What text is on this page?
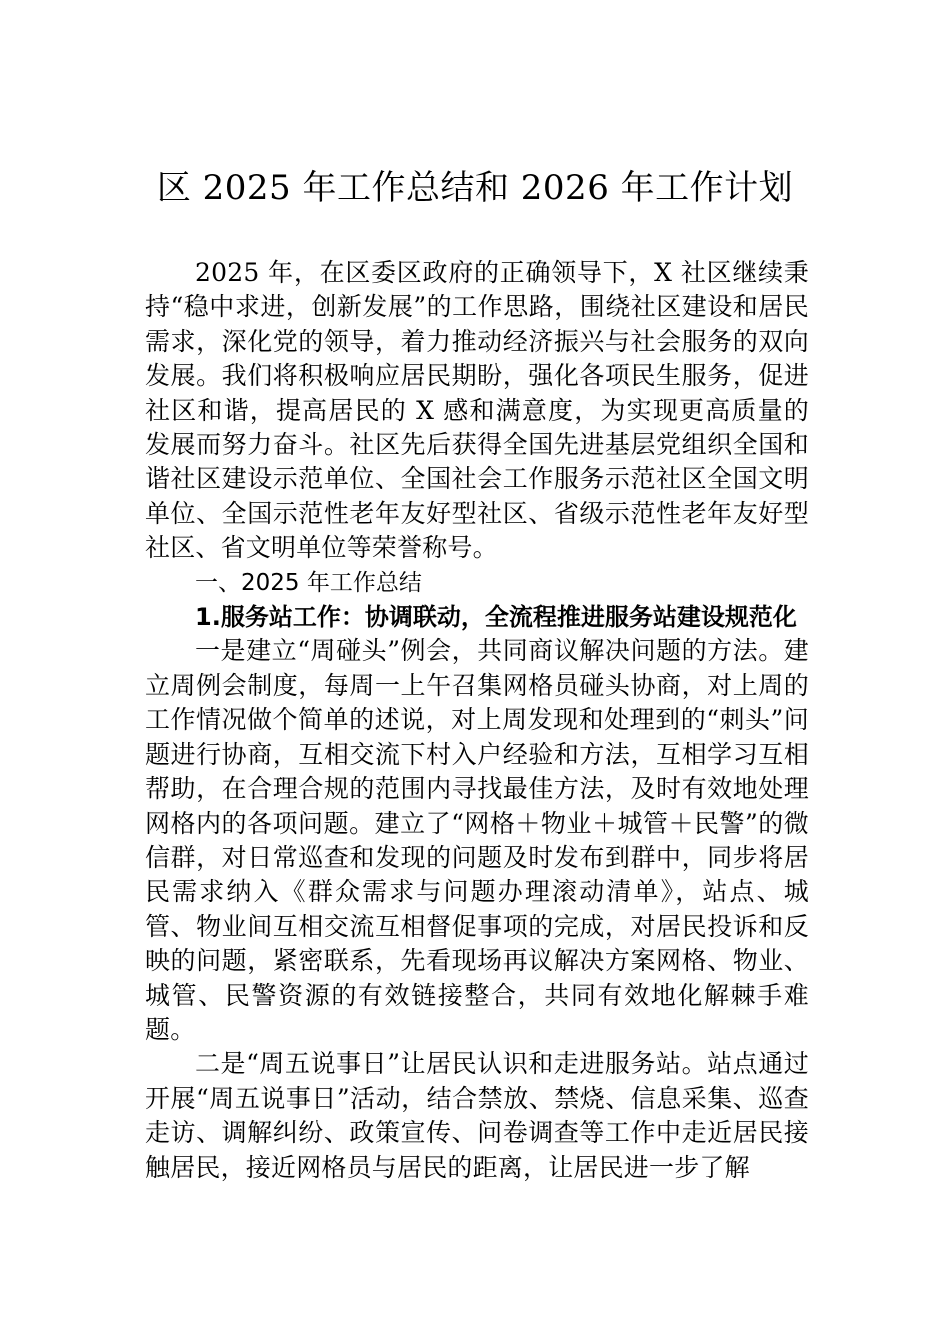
区 2025 年工作总结和 2026 年工作计划

2025 年，在区委区政府的正确领导下，X 社区继续秉持“稳中求进，创新发展”的工作思路，围绕社区建设和居民需求，深化党的领导，着力推动经济振兴与社会服务的双向发展。我们将积极响应居民期盼，强化各项民生服务，促进社区和谐，提高居民的 X 感和满意度，为实现更高质量的发展而努力奋斗。社区先后获得全国先进基层党组织全国和谐社区建设示范单位、全国社会工作服务示范社区全国文明单位、全国示范性老年友好型社区、省级示范性老年友好型社区、省文明单位等荣誉称号。

一、2025 年工作总结

1.服务站工作：协调联动，全流程推进服务站建设规范化

一是建立“周碰头”例会，共同商议解决问题的方法。建立周例会制度，每周一上午召集网格员碰头协商，对上周的工作情况做个简单的述说，对上周发现和处理到的“刺头”问题进行协商，互相交流下村入户经验和方法，互相学习互相帮助，在合理合规的范围内寻找最佳方法，及时有效地处理网格内的各项问题。建立了“网格＋物业＋城管＋民警”的微信群，对日常巡查和发现的问题及时发布到群中，同步将居民需求纳入《群众需求与问题办理滚动清单》，站点、城管、物业间互相交流互相督促事项的完成，对居民投诉和反映的问题，紧密联系，先看现场再议解决方案网格、物业、城管、民警资源的有效链接整合，共同有效地化解棘手难题。

二是“周五说事日”让居民认识和走进服务站。站点通过开展“周五说事日”活动，结合禁放、禁烧、信息采集、巡查走访、调解纠纷、政策宣传、问卷调查等工作中走近居民接触居民，接近网格员与居民的距离，让居民进一步了解
